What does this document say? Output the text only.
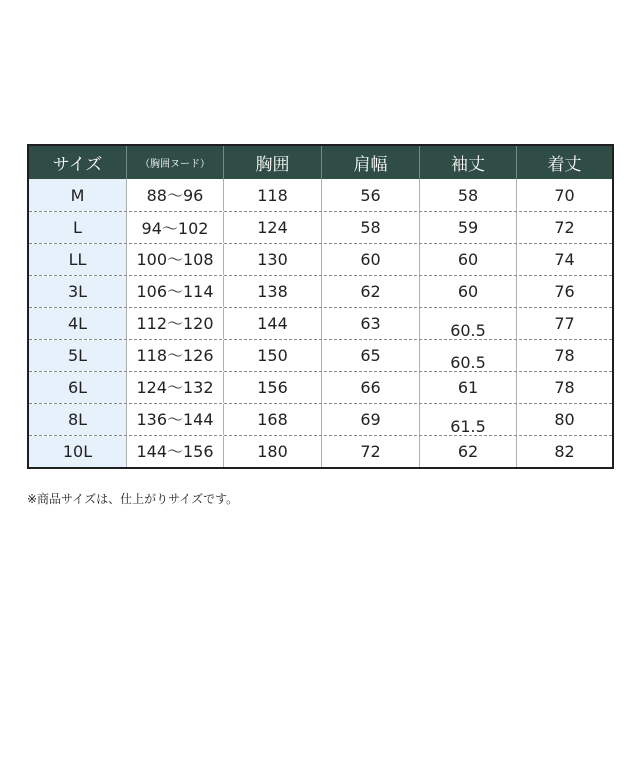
サイズ	（胸囲ヌード）	胸囲	肩幅	袖丈	着丈
M	88～96	118	56	58	70
L	94～102	124	58	59	72
LL	100～108	130	60	60	74
3L	106～114	138	62	60	76
4L	112～120	144	63	60.5	77
5L	118～126	150	65	60.5	78
6L	124～132	156	66	61	78
8L	136～144	168	69	61.5	80
10L	144～156	180	72	62	82
※商品サイズは、仕上がりサイズです。
